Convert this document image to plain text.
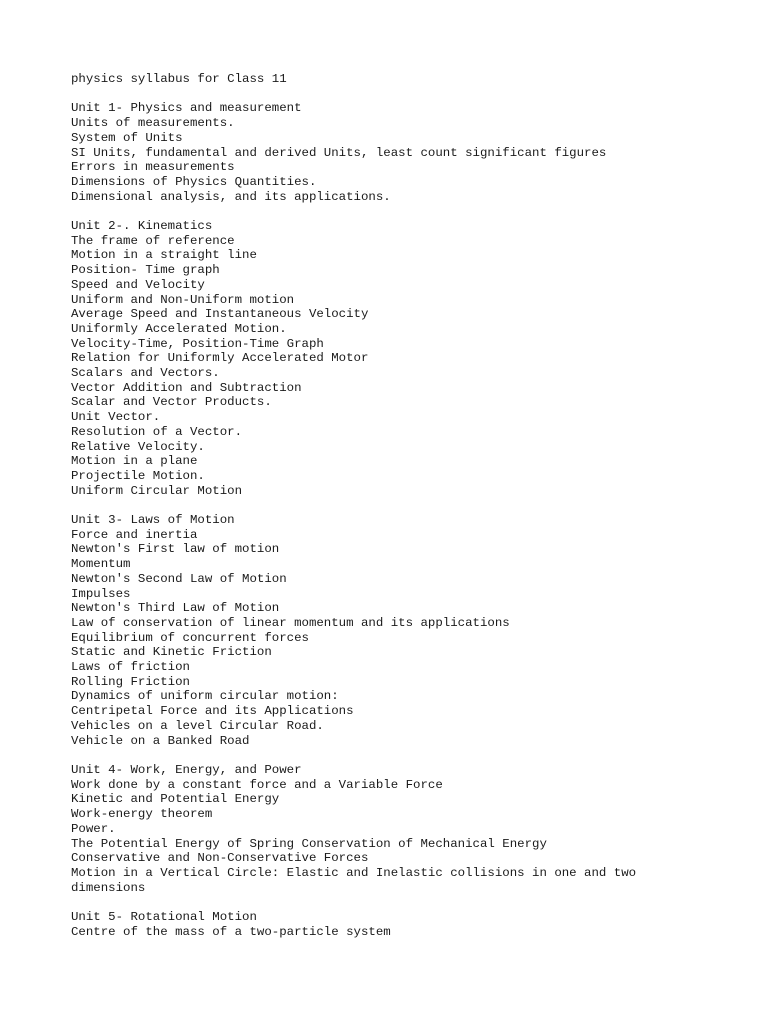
physics syllabus for Class 11
Unit 1- Physics and measurement
Units of measurements.
System of Units
SI Units, fundamental and derived Units, least count significant figures
Errors in measurements
Dimensions of Physics Quantities.
Dimensional analysis, and its applications.
Unit 2-. Kinematics
The frame of reference
Motion in a straight line
Position- Time graph
Speed and Velocity
Uniform and Non-Uniform motion
Average Speed and Instantaneous Velocity
Uniformly Accelerated Motion.
Velocity-Time, Position-Time Graph
Relation for Uniformly Accelerated Motor
Scalars and Vectors.
Vector Addition and Subtraction
Scalar and Vector Products.
Unit Vector.
Resolution of a Vector.
Relative Velocity.
Motion in a plane
Projectile Motion.
Uniform Circular Motion
Unit 3- Laws of Motion
Force and inertia
Newton's First law of motion
Momentum
Newton's Second Law of Motion
Impulses
Newton's Third Law of Motion
Law of conservation of linear momentum and its applications
Equilibrium of concurrent forces
Static and Kinetic Friction
Laws of friction
Rolling Friction
Dynamics of uniform circular motion:
Centripetal Force and its Applications
Vehicles on a level Circular Road.
Vehicle on a Banked Road
Unit 4- Work, Energy, and Power
Work done by a constant force and a Variable Force
Kinetic and Potential Energy
Work-energy theorem
Power.
The Potential Energy of Spring Conservation of Mechanical Energy
Conservative and Non-Conservative Forces
Motion in a Vertical Circle: Elastic and Inelastic collisions in one and two
dimensions
Unit 5- Rotational Motion
Centre of the mass of a two-particle system
